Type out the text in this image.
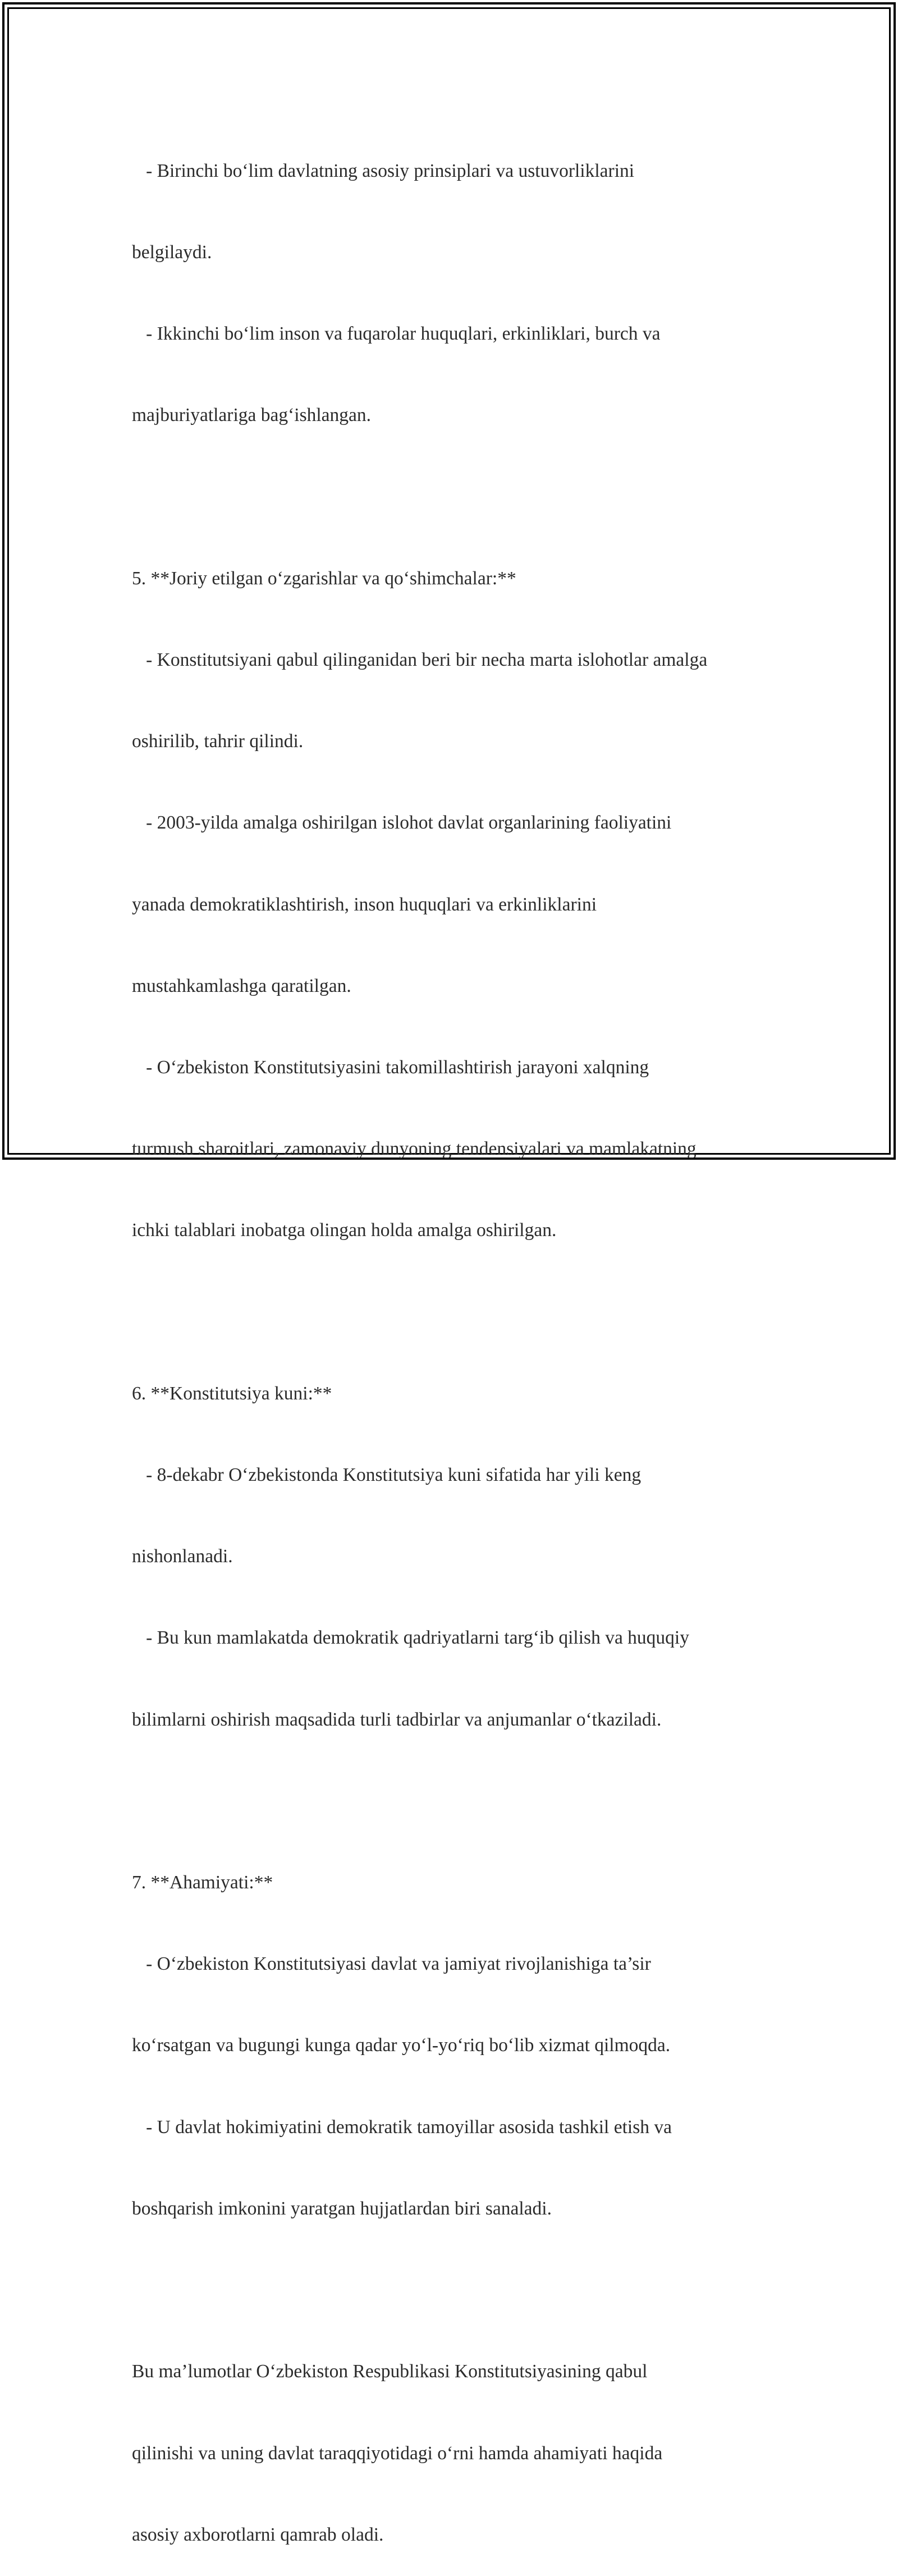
- Birinchi bo‘lim davlatning asosiy prinsiplari va ustuvorliklarini

belgilaydi.

- Ikkinchi bo‘lim inson va fuqarolar huquqlari, erkinliklari, burch va

majburiyatlariga bag‘ishlangan.

5. **Joriy etilgan o‘zgarishlar va qo‘shimchalar:**

- Konstitutsiyani qabul qilinganidan beri bir necha marta islohotlar amalga

oshirilib, tahrir qilindi.

- 2003-yilda amalga oshirilgan islohot davlat organlarining faoliyatini

yanada demokratiklashtirish, inson huquqlari va erkinliklarini

mustahkamlashga qaratilgan.

- O‘zbekiston Konstitutsiyasini takomillashtirish jarayoni xalqning

turmush sharoitlari, zamonaviy dunyoning tendensiyalari va mamlakatning

ichki talablari inobatga olingan holda amalga oshirilgan.

6. **Konstitutsiya kuni:**

- 8-dekabr O‘zbekistonda Konstitutsiya kuni sifatida har yili keng

nishonlanadi.

- Bu kun mamlakatda demokratik qadriyatlarni targ‘ib qilish va huquqiy

bilimlarni oshirish maqsadida turli tadbirlar va anjumanlar o‘tkaziladi.

7. **Ahamiyati:**

- O‘zbekiston Konstitutsiyasi davlat va jamiyat rivojlanishiga ta’sir

ko‘rsatgan va bugungi kunga qadar yo‘l-yo‘riq bo‘lib xizmat qilmoqda.

- U davlat hokimiyatini demokratik tamoyillar asosida tashkil etish va

boshqarish imkonini yaratgan hujjatlardan biri sanaladi.

Bu ma’lumotlar O‘zbekiston Respublikasi Konstitutsiyasining qabul

qilinishi va uning davlat taraqqiyotidagi o‘rni hamda ahamiyati haqida

asosiy axborotlarni qamrab oladi.
